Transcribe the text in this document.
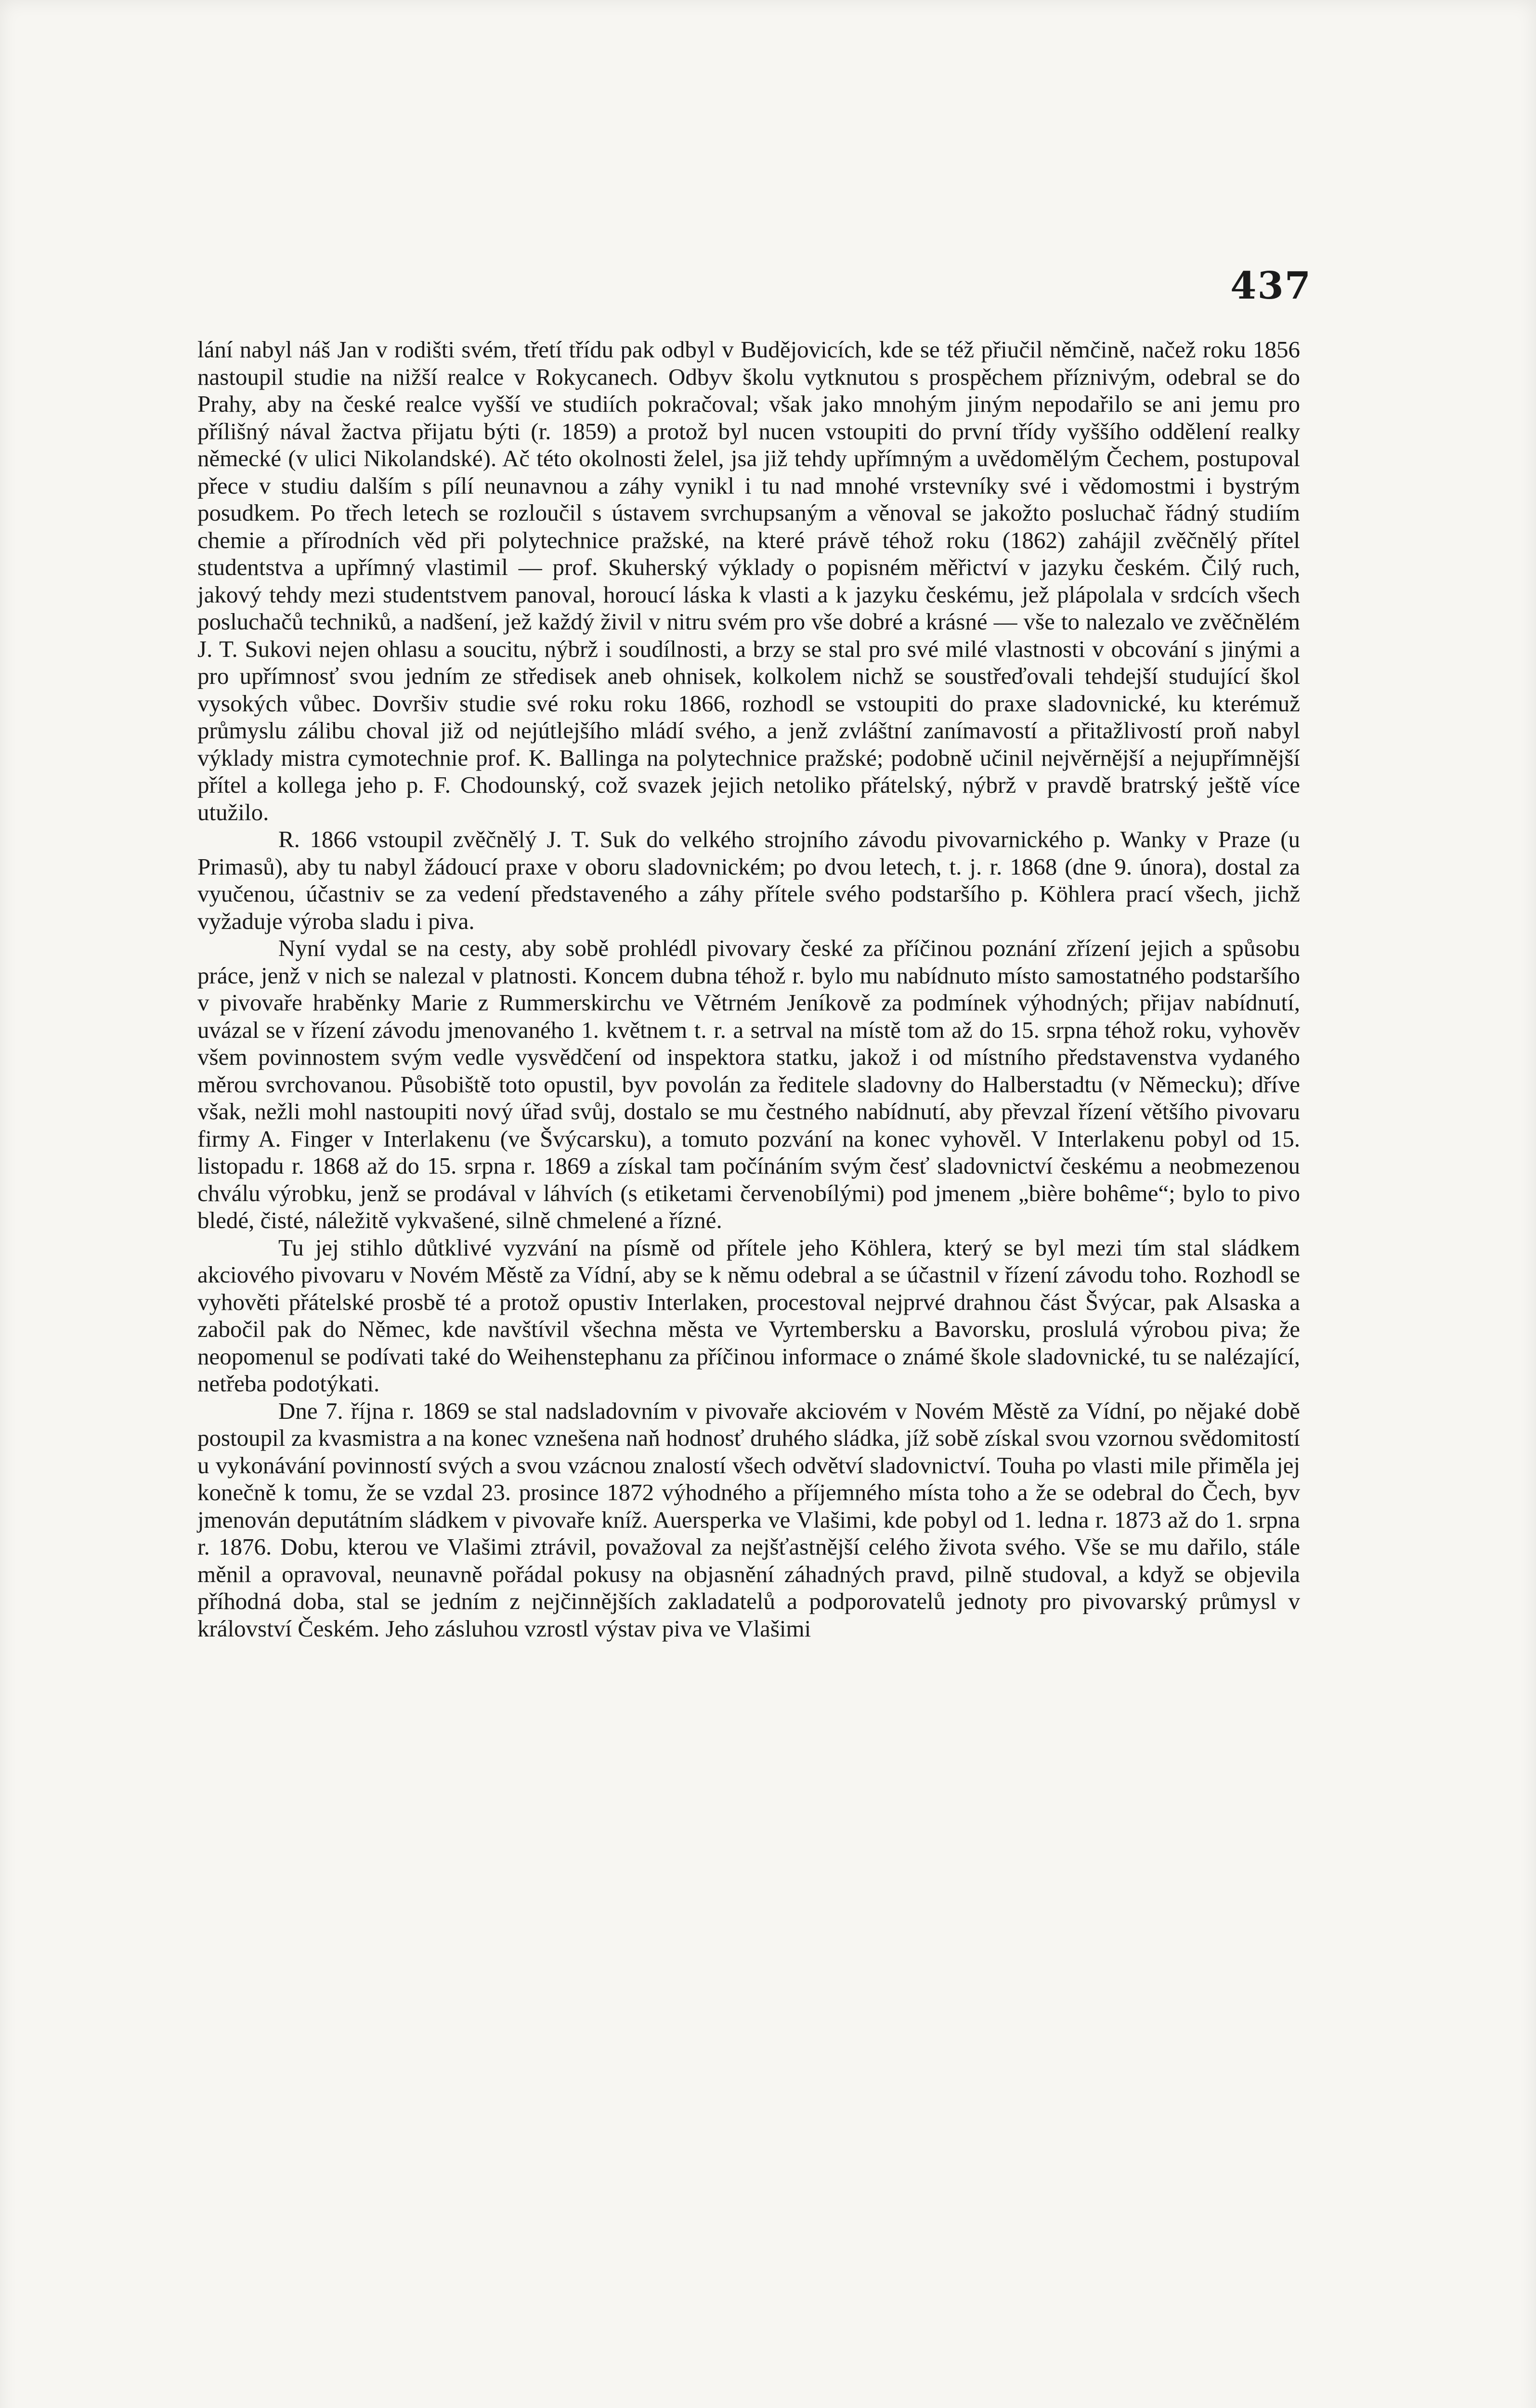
437

lání nabyl náš Jan v rodišti svém, třetí třídu pak odbyl v Budějovicích, kde se též přiučil němčině, načež roku 1856 nastoupil studie na nižší realce v Rokycanech. Odbyv školu vytknutou s prospěchem příznivým, odebral se do Prahy, aby na české realce vyšší ve studiích pokračoval; však jako mnohým jiným nepodařilo se ani jemu pro přílišný nával žactva přijatu býti (r. 1859) a protož byl nucen vstoupiti do první třídy vyššího oddělení realky německé (v ulici Nikolandské). Ač této okolnosti želel, jsa již tehdy upřímným a uvědomělým Čechem, postupoval přece v studiu dalším s pílí neunavnou a záhy vynikl i tu nad mnohé vrstevníky své i vědomostmi i bystrým posudkem. Po třech letech se rozloučil s ústavem svrchupsaným a věnoval se jakožto posluchač řádný studiím chemie a přírodních věd při polytechnice pražské, na které právě téhož roku (1862) zahájil zvěčnělý přítel studentstva a upřímný vlastimil — prof. Skuherský výklady o popisném měřictví v jazyku českém. Čilý ruch, jakový tehdy mezi studentstvem panoval, horoucí láska k vlasti a k jazyku českému, jež plápolala v srdcích všech posluchačů techniků, a nadšení, jež každý živil v nitru svém pro vše dobré a krásné — vše to nalezalo ve zvěčnělém J. T. Sukovi nejen ohlasu a soucitu, nýbrž i soudílnosti, a brzy se stal pro své milé vlastnosti v obcování s jinými a pro upřímnosť svou jedním ze středisek aneb ohnisek, kolkolem nichž se soustřeďovali tehdejší studující škol vysokých vůbec. Dovršiv studie své roku roku 1866, rozhodl se vstoupiti do praxe sladovnické, ku kterémuž průmyslu zálibu choval již od nejútlejšího mládí svého, a jenž zvláštní zanímavostí a přitažlivostí proň nabyl výklady mistra cymotechnie prof. K. Ballinga na polytechnice pražské; podobně učinil nejvěrnější a nejupřímnější přítel a kollega jeho p. F. Chodounský, což svazek jejich netoliko přátelský, nýbrž v pravdě bratrský ještě více utužilo.

R. 1866 vstoupil zvěčnělý J. T. Suk do velkého strojního závodu pivovarnického p. Wanky v Praze (u Primasů), aby tu nabyl žádoucí praxe v oboru sladovnickém; po dvou letech, t. j. r. 1868 (dne 9. února), dostal za vyučenou, účastniv se za vedení představeného a záhy přítele svého podstaršího p. Köhlera prací všech, jichž vyžaduje výroba sladu i piva.

Nyní vydal se na cesty, aby sobě prohlédl pivovary české za příčinou poznání zřízení jejich a spůsobu práce, jenž v nich se nalezal v platnosti. Koncem dubna téhož r. bylo mu nabídnuto místo samostatného podstaršího v pivovaře hraběnky Marie z Rummerskirchu ve Větrném Jeníkově za podmínek výhodných; přijav nabídnutí, uvázal se v řízení závodu jmenovaného 1. květnem t. r. a setrval na místě tom až do 15. srpna téhož roku, vyhověv všem povinnostem svým vedle vysvědčení od inspektora statku, jakož i od místního představenstva vydaného měrou svrchovanou. Působiště toto opustil, byv povolán za ředitele sladovny do Halberstadtu (v Německu); dříve však, nežli mohl nastoupiti nový úřad svůj, dostalo se mu čestného nabídnutí, aby převzal řízení většího pivovaru firmy A. Finger v Interlakenu (ve Švýcarsku), a tomuto pozvání na konec vyhověl. V Interlakenu pobyl od 15. listopadu r. 1868 až do 15. srpna r. 1869 a získal tam počínáním svým česť sladovnictví českému a neobmezenou chválu výrobku, jenž se prodával v láhvích (s etiketami červenobílými) pod jmenem „bière bohême“; bylo to pivo bledé, čisté, náležitě vykvašené, silně chmelené a řízné.

Tu jej stihlo důtklivé vyzvání na písmě od přítele jeho Köhlera, který se byl mezi tím stal sládkem akciového pivovaru v Novém Městě za Vídní, aby se k němu odebral a se účastnil v řízení závodu toho. Rozhodl se vyhověti přátelské prosbě té a protož opustiv Interlaken, procestoval nejprvé drahnou část Švýcar, pak Alsaska a zabočil pak do Němec, kde navštívil všechna města ve Vyrtembersku a Bavorsku, proslulá výrobou piva; že neopomenul se podívati také do Weihenstephanu za příčinou informace o známé škole sladovnické, tu se nalézající, netřeba podotýkati.

Dne 7. října r. 1869 se stal nadsladovním v pivovaře akciovém v Novém Městě za Vídní, po nějaké době postoupil za kvasmistra a na konec vznešena naň hodnosť druhého sládka, jíž sobě získal svou vzornou svědomitostí u vykonávání povinností svých a svou vzácnou znalostí všech odvětví sladovnictví. Touha po vlasti mile přiměla jej konečně k tomu, že se vzdal 23. prosince 1872 výhodného a příjemného místa toho a že se odebral do Čech, byv jmenován deputátním sládkem v pivovaře kníž. Auersperka ve Vlašimi, kde pobyl od 1. ledna r. 1873 až do 1. srpna r. 1876. Dobu, kterou ve Vlašimi ztrávil, považoval za nejšťastnější celého života svého. Vše se mu dařilo, stále měnil a opravoval, neunavně pořádal pokusy na objasnění záhadných pravd, pilně studoval, a když se objevila příhodná doba, stal se jedním z nejčinnějších zakladatelů a podporovatelů jednoty pro pivovarský průmysl v království Českém. Jeho zásluhou vzrostl výstav piva ve Vlašimi
